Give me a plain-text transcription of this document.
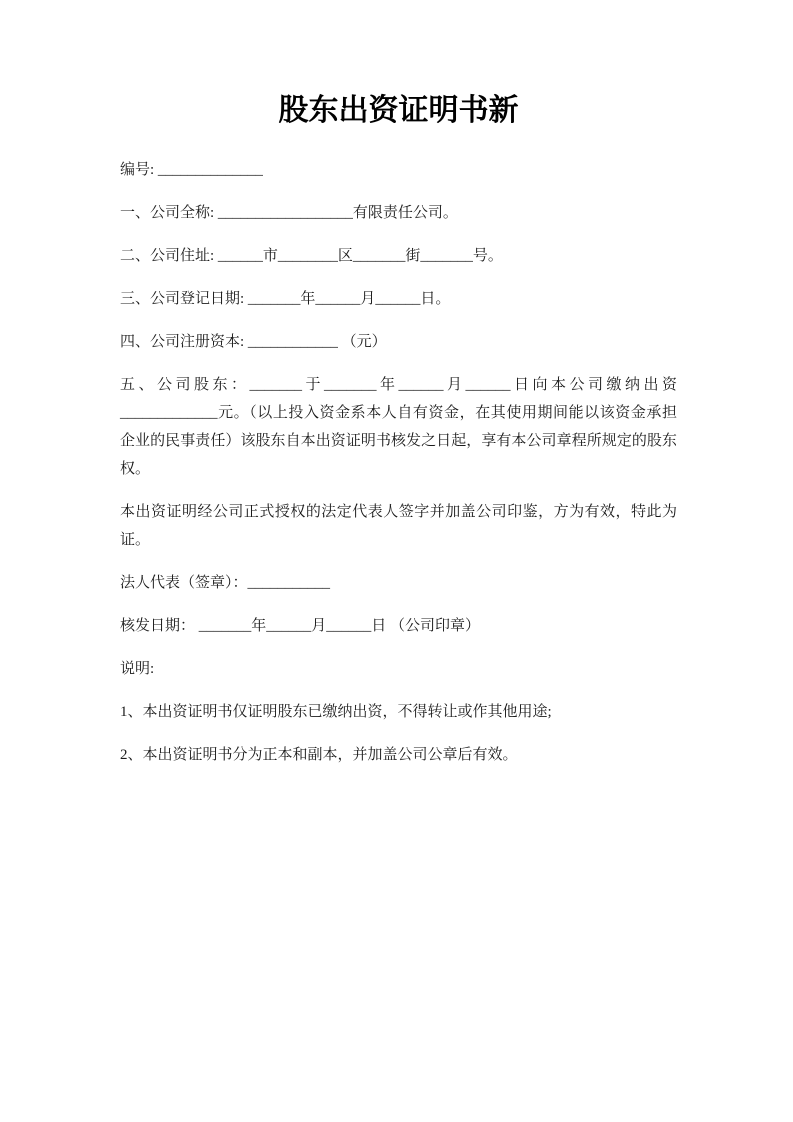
股东出资证明书新

编号: ______________

一、公司全称: __________________有限责任公司。

二、公司住址: ______市________区_______街_______号。

三、公司登记日期: _______年______月______日。

四、公司注册资本: ____________ （元）

五、公司股东：_______于_______年______月______日向本公司缴纳出资
_____________元。（以上投入资金系本人自有资金，在其使用期间能以该资金承担
企业的民事责任）该股东自本出资证明书核发之日起，享有本公司章程所规定的股东
权。
本出资证明经公司正式授权的法定代表人签字并加盖公司印鉴，方为有效，特此为
证。

法人代表（签章）：___________

核发日期： _______年______月______日 （公司印章）

说明:

1、本出资证明书仅证明股东已缴纳出资，不得转让或作其他用途;

2、本出资证明书分为正本和副本，并加盖公司公章后有效。
